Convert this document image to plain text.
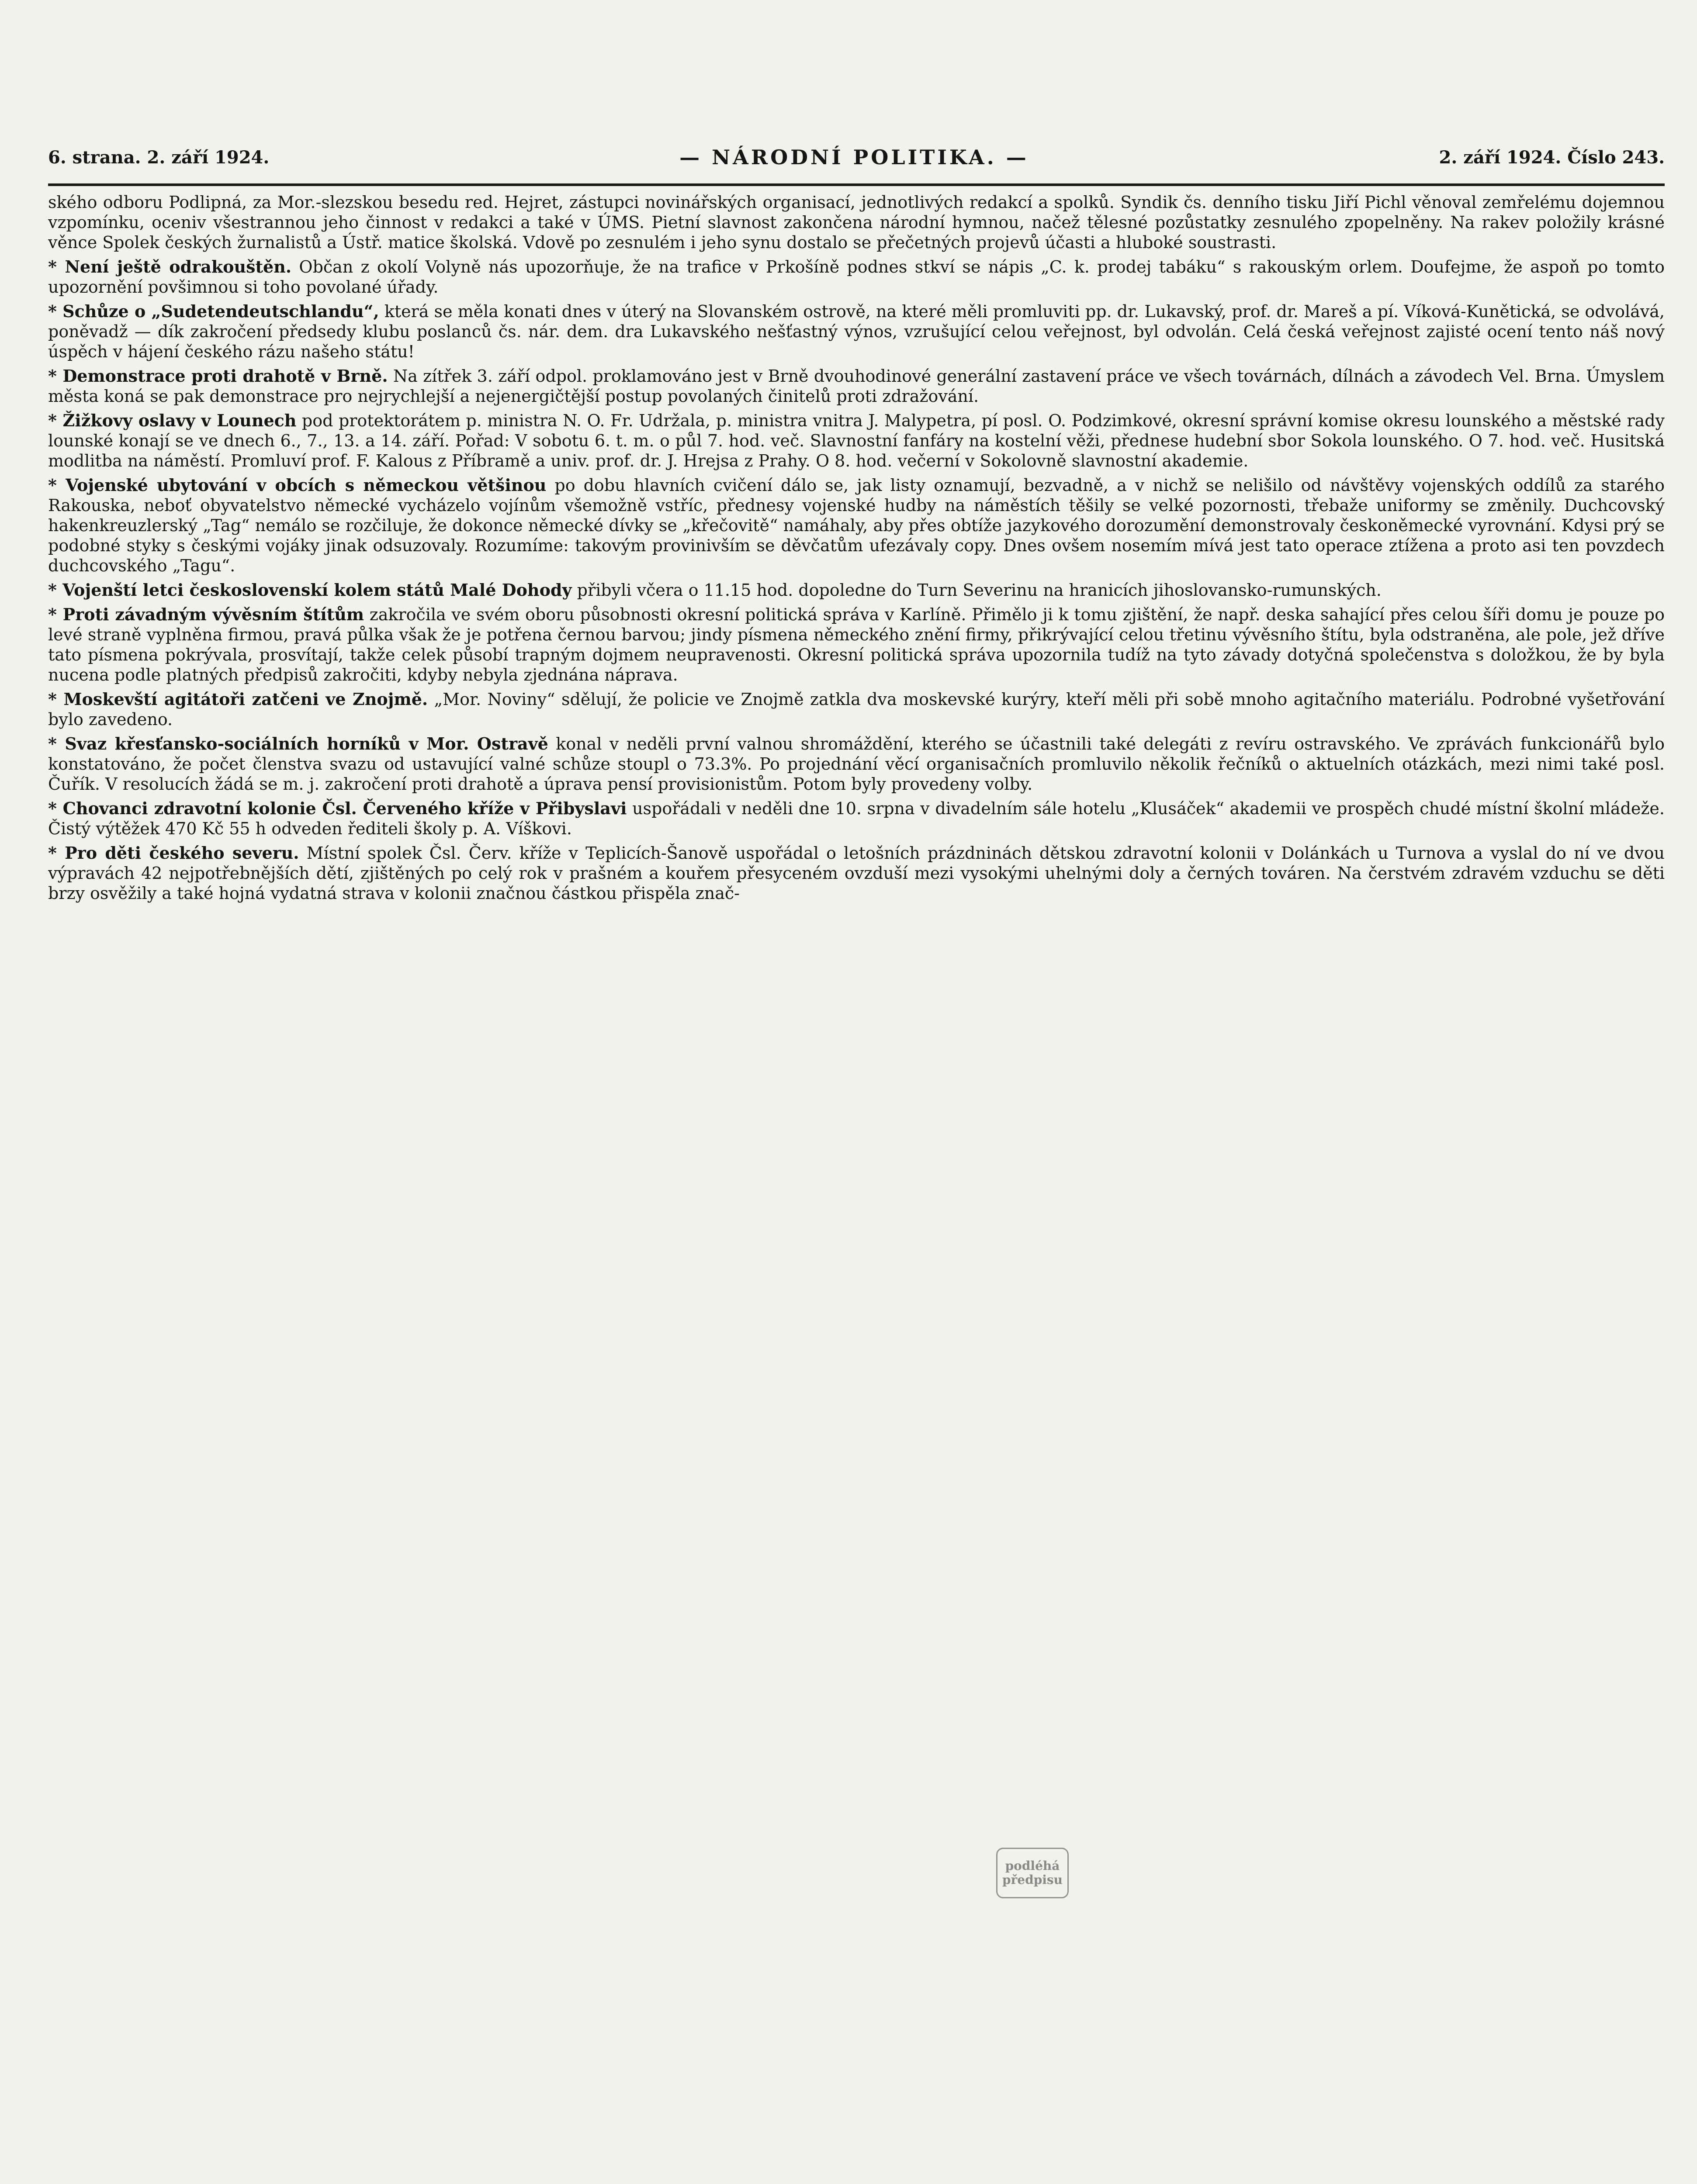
6. strana. 2. září 1924.	— NÁRODNÍ POLITIKA. —	2. září 1924. Číslo 243.

ského odboru Podlipná, za Mor.-slezskou besedu red. Hejret, zástupci novinářských organisací, jednotlivých redakcí a spolků. Syndik čs. denního tisku Jiří Pichl věnoval zemřelému dojemnou vzpomínku, oceniv všestrannou jeho činnost v redakci a také v ÚMS. Pietní slavnost zakončena národní hymnou, načež tělesné pozůstatky zesnulého zpopelněny. Na rakev položily krásné věnce Spolek českých žurnalistů a Ústř. matice školská. Vdově po zesnulém i jeho synu dostalo se přečetných projevů účasti a hluboké soustrasti.

* Není ještě odrakouštěn. Občan z okolí Volyně nás upozorňuje, že na trafice v Prkošíně podnes stkví se nápis „C. k. prodej tabáku“ s rakouským orlem. Doufejme, že aspoň po tomto upozornění povšimnou si toho povolané úřady.

* Schůze o „Sudetendeutschlandu“, která se měla konati dnes v úterý na Slovanském ostrově, na které měli promluviti pp. dr. Lukavský, prof. dr. Mareš a pí. Víková-Kunětická, se odvolává, poněvadž — dík zakročení předsedy klubu poslanců čs. nár. dem. dra Lukavského nešťastný výnos, vzrušující celou veřejnost, byl odvolán. Celá česká veřejnost zajisté ocení tento náš nový úspěch v hájení českého rázu našeho státu!

* Demonstrace proti drahotě v Brně. Na zítřek 3. září odpol. proklamováno jest v Brně dvouhodinové generální zastavení práce ve všech továrnách, dílnách a závodech Vel. Brna. Úmyslem města koná se pak demonstrace pro nejrychlejší a nejenergičtější postup povolaných činitelů proti zdražování.

* Žižkovy oslavy v Lounech pod protektorátem p. ministra N. O. Fr. Udržala, p. ministra vnitra J. Malypetra, pí posl. O. Podzimkové, okresní správní komise okresu lounského a městské rady lounské konají se ve dnech 6., 7., 13. a 14. září. Pořad: V sobotu 6. t. m. o půl 7. hod. več. Slavnostní fanfáry na kostelní věži, přednese hudební sbor Sokola lounského. O 7. hod. več. Husitská modlitba na náměstí. Promluví prof. F. Kalous z Příbramě a univ. prof. dr. J. Hrejsa z Prahy. O 8. hod. večerní v Sokolovně slavnostní akademie.

* Vojenské ubytování v obcích s německou většinou po dobu hlavních cvičení dálo se, jak listy oznamují, bezvadně, a v nichž se nelišilo od návštěvy vojenských oddílů za starého Rakouska, neboť obyvatelstvo německé vycházelo vojínům všemožně vstříc, přednesy vojenské hudby na náměstích těšily se velké pozornosti, třebaže uniformy se změnily. Duchcovský hakenkreuzlerský „Tag“ nemálo se rozčiluje, že dokonce německé dívky se „křečovitě“ namáhaly, aby přes obtíže jazykového dorozumění demonstrovaly českoněmecké vyrovnání. Kdysi prý se podobné styky s českými vojáky jinak odsuzovaly. Rozumíme: takovým provinivším se děvčatům ufezávaly copy. Dnes ovšem nosemím mívá jest tato operace ztížena a proto asi ten povzdech duchcovského „Tagu“.

* Vojenští letci československí kolem států Malé Dohody přibyli včera o 11.15 hod. dopoledne do Turn Severinu na hranicích jihoslovansko-rumunských.

* Proti závadným vývěsním štítům zakročila ve svém oboru působnosti okresní politická správa v Karlíně. Přimělo ji k tomu zjištění, že např. deska sahající přes celou šíři domu je pouze po levé straně vyplněna firmou, pravá půlka však že je potřena černou barvou; jindy písmena německého znění firmy, přikrývající celou třetinu vývěsního štítu, byla odstraněna, ale pole, jež dříve tato písmena pokrývala, prosvítají, takže celek působí trapným dojmem neupravenosti. Okresní politická správa upozornila tudíž na tyto závady dotyčná společenstva s doložkou, že by byla nucena podle platných předpisů zakročiti, kdyby nebyla zjednána náprava.

* Moskevští agitátoři zatčeni ve Znojmě. „Mor. Noviny“ sdělují, že policie ve Znojmě zatkla dva moskevské kurýry, kteří měli při sobě mnoho agitačního materiálu. Podrobné vyšetřování bylo zavedeno.

* Svaz křesťansko-sociálních horníků v Mor. Ostravě konal v neděli první valnou shromáždění, kterého se účastnili také delegáti z revíru ostravského. Ve zprávách funkcionářů bylo konstatováno, že počet členstva svazu od ustavující valné schůze stoupl o 73.3%. Po projednání věcí organisačních promluvilo několik řečníků o aktuelních otázkách, mezi nimi také posl. Čuřík. V resolucích žádá se m. j. zakročení proti drahotě a úprava pensí provisionistům. Potom byly provedeny volby.

* Chovanci zdravotní kolonie Čsl. Červeného kříže v Přibyslavi uspořádali v neděli dne 10. srpna v divadelním sále hotelu „Klusáček“ akademii ve prospěch chudé místní školní mládeže. Čistý výtěžek 470 Kč 55 h odveden řediteli školy p. A. Víškovi.

* Pro děti českého severu. Místní spolek Čsl. Červ. kříže v Teplicích-Šanově uspořádal o letošních prázdninách dětskou zdravotní kolonii v Dolánkách u Turnova a vyslal do ní ve dvou výpravách 42 nejpotřebnějších dětí, zjištěných po celý rok v prašném a kouřem přesyceném ovzduší mezi vysokými uhelnými doly a černých továren. Na čerstvém zdravém vzduchu se děti brzy osvěžily a také hojná vydatná strava v kolonii značnou částkou přispěla znač-

podléhá předpisu
